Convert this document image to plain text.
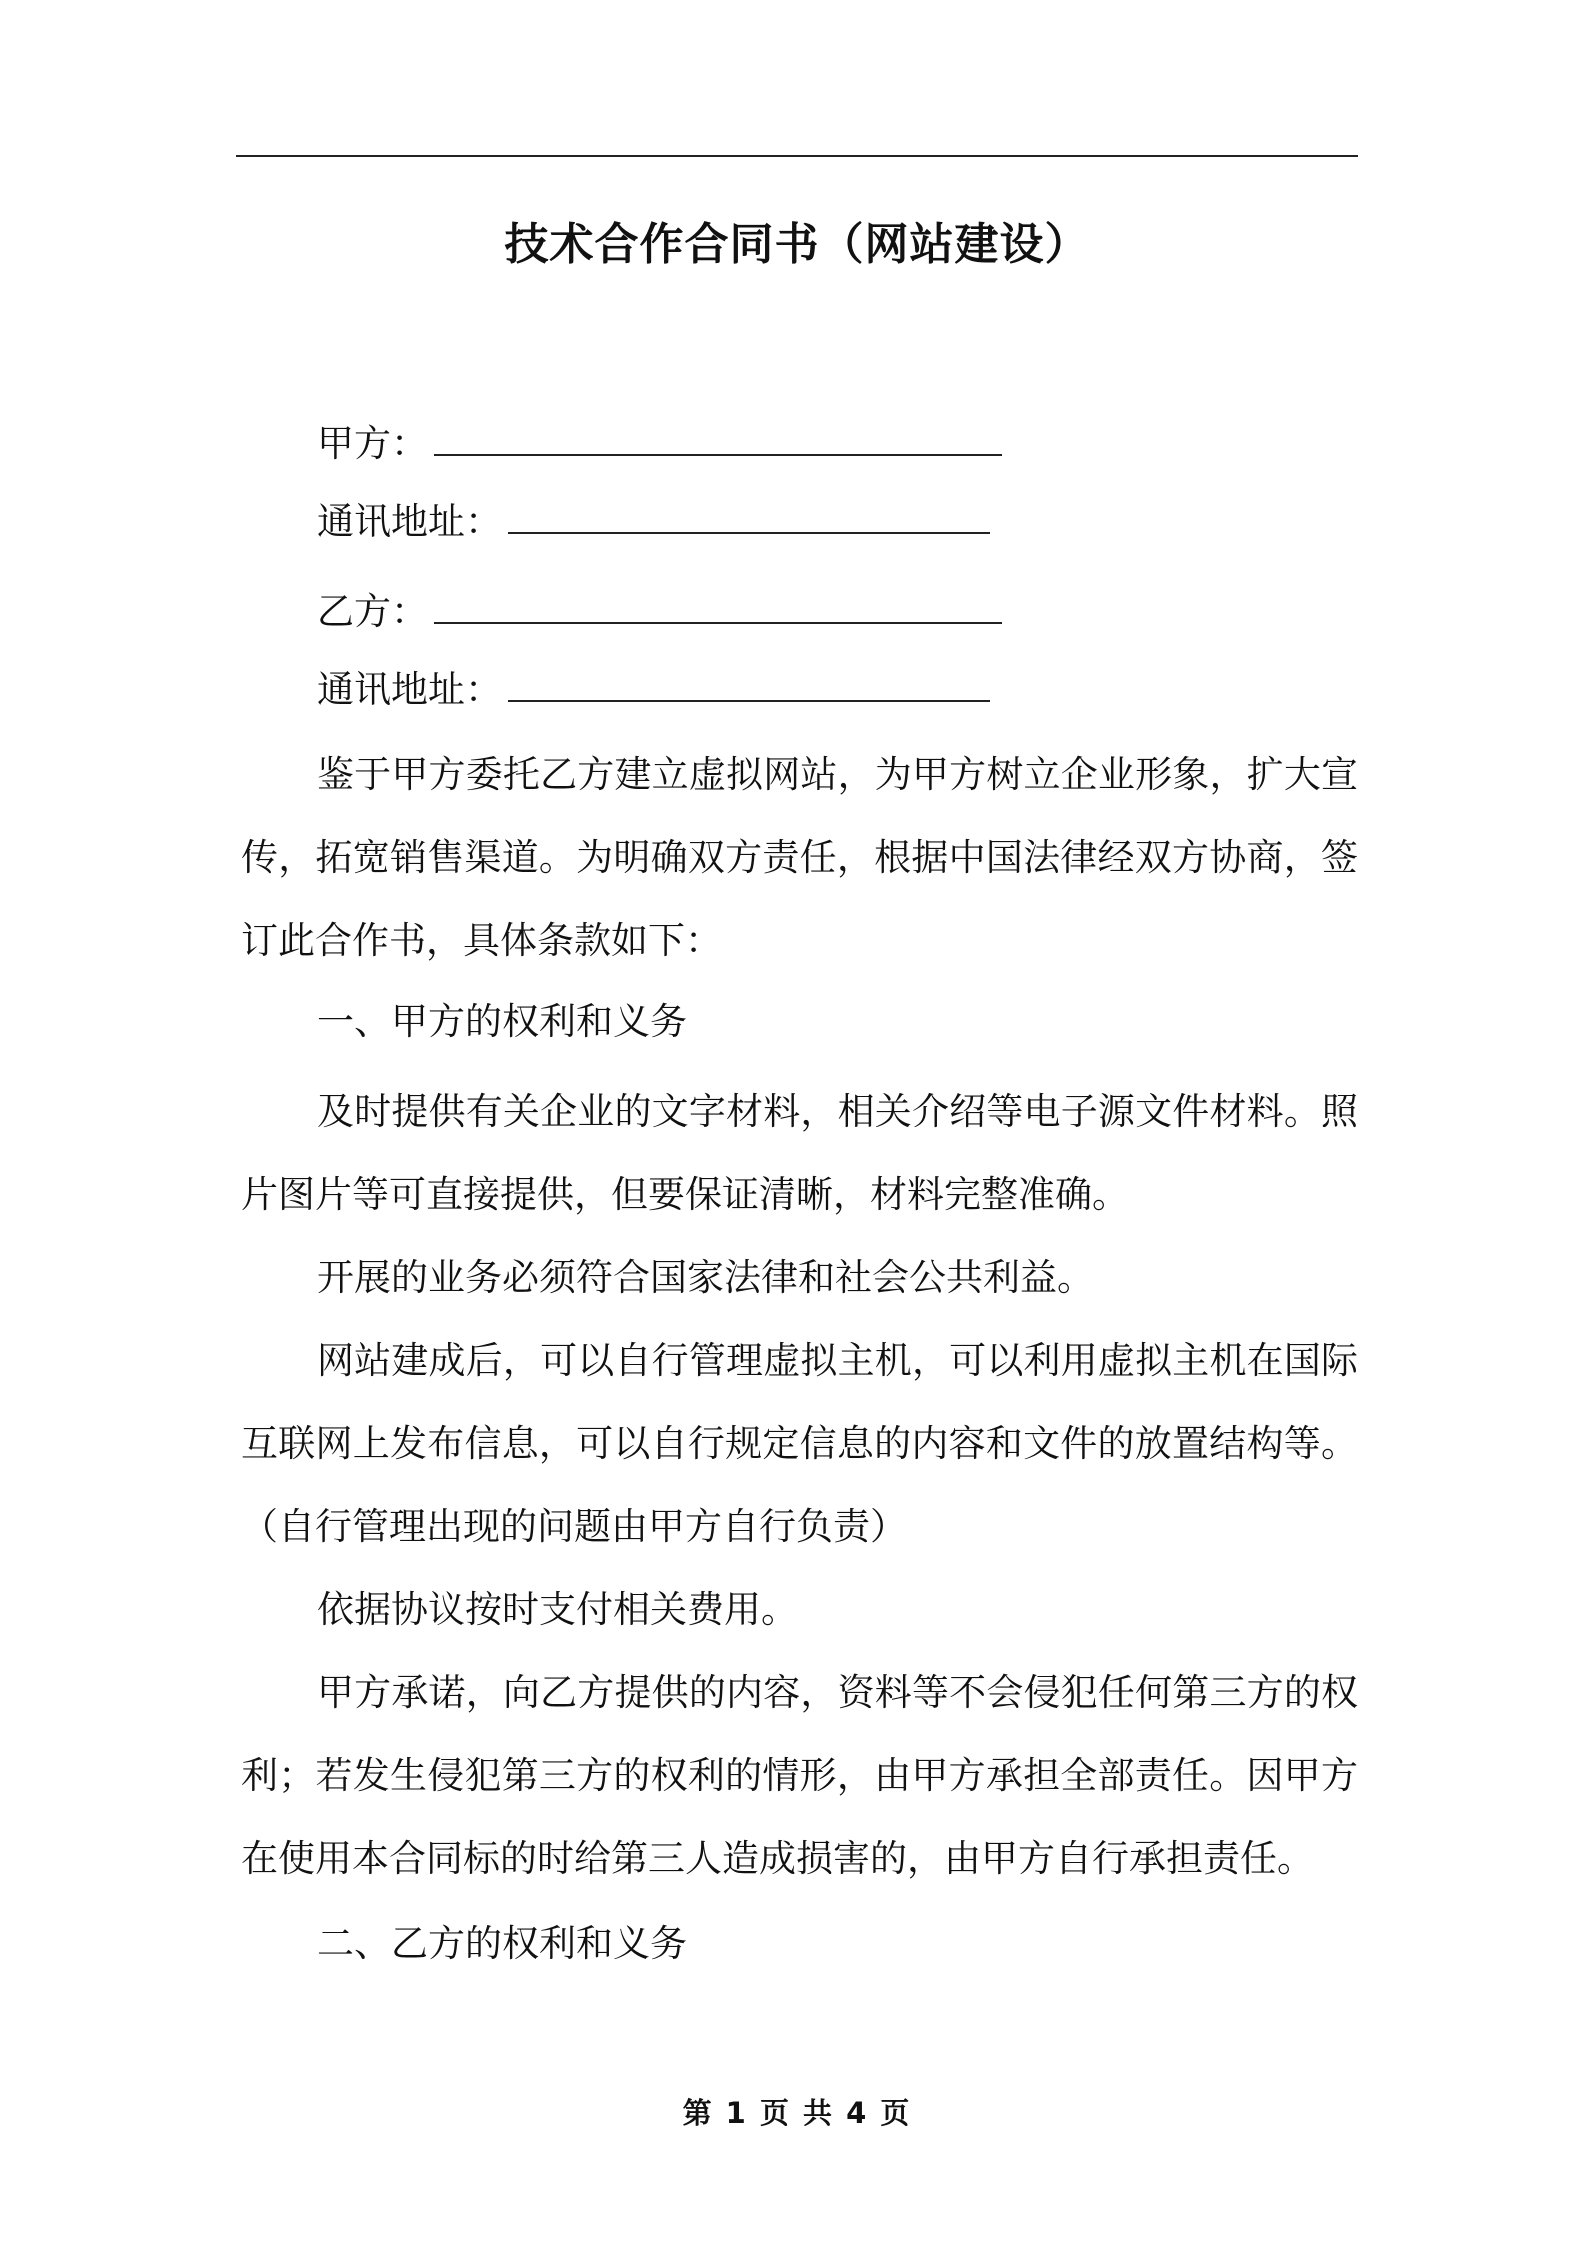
技术合作合同书（网站建设）
甲方：
通讯地址：
乙方：
通讯地址：

鉴于甲方委托乙方建立虚拟网站，为甲方树立企业形象，扩大宣传，拓宽销售渠道。为明确双方责任，根据中国法律经双方协商，签订此合作书，具体条款如下：

一、甲方的权利和义务

及时提供有关企业的文字材料，相关介绍等电子源文件材料。照片图片等可直接提供，但要保证清晰，材料完整准确。

开展的业务必须符合国家法律和社会公共利益。

网站建成后，可以自行管理虚拟主机，可以利用虚拟主机在国际互联网上发布信息，可以自行规定信息的内容和文件的放置结构等。（自行管理出现的问题由甲方自行负责）

依据协议按时支付相关费用。

甲方承诺，向乙方提供的内容，资料等不会侵犯任何第三方的权利；若发生侵犯第三方的权利的情形，由甲方承担全部责任。因甲方在使用本合同标的时给第三人造成损害的，由甲方自行承担责任。

二、乙方的权利和义务
第 1 页 共 4 页
